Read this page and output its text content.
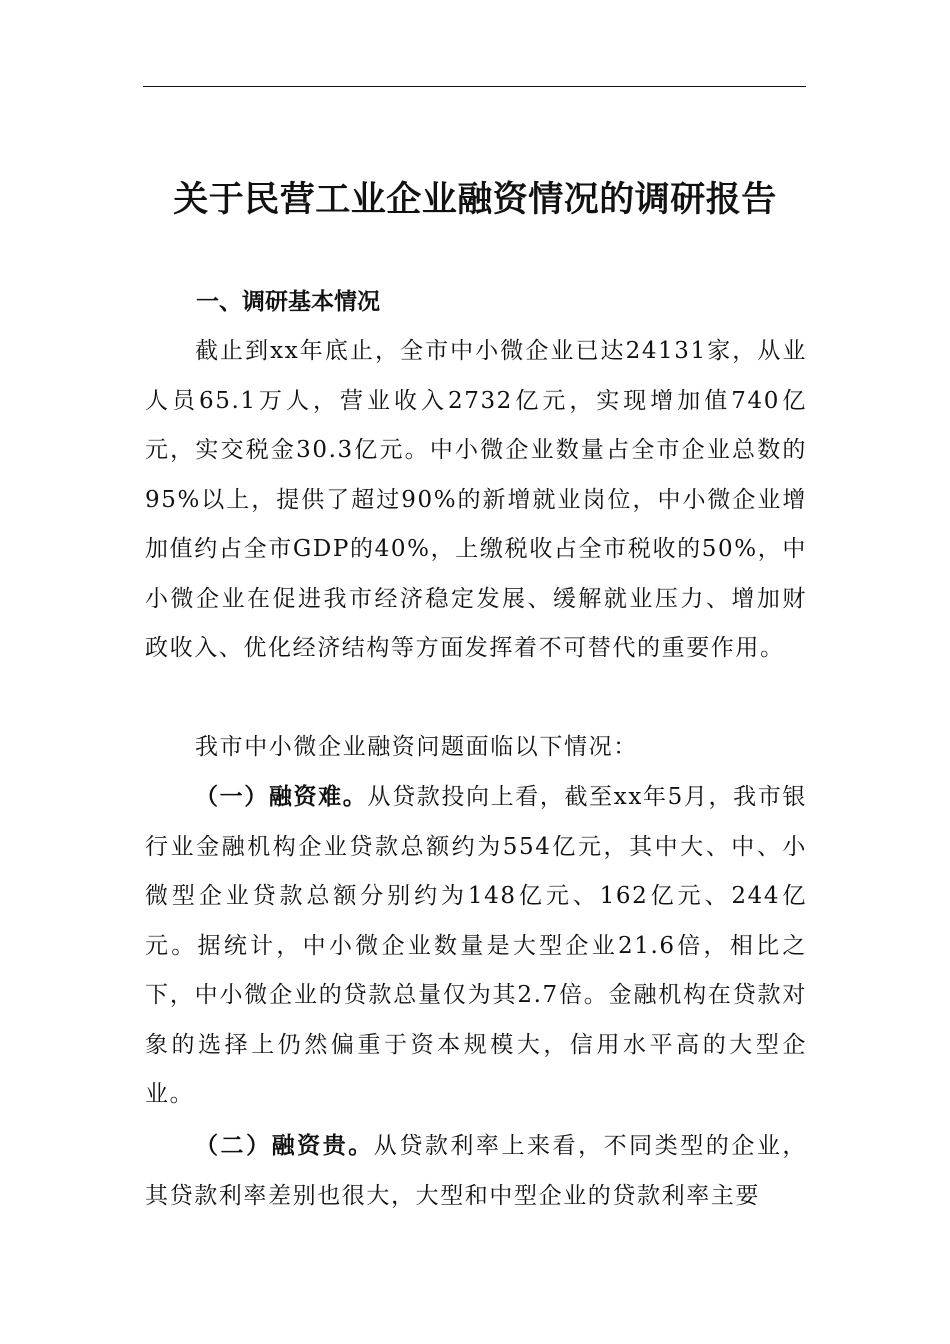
关于民营工业企业融资情况的调研报告
一、调研基本情况

截止到xx年底止，全市中小微企业已达24131家，从业人员65.1万人，营业收入2732亿元，实现增加值740亿元，实交税金30.3亿元。中小微企业数量占全市企业总数的95%以上，提供了超过90%的新增就业岗位，中小微企业增加值约占全市GDP的40%，上缴税收占全市税收的50%，中小微企业在促进我市经济稳定发展、缓解就业压力、增加财政收入、优化经济结构等方面发挥着不可替代的重要作用。

我市中小微企业融资问题面临以下情况：

（一）融资难。从贷款投向上看，截至xx年5月，我市银行业金融机构企业贷款总额约为554亿元，其中大、中、小微型企业贷款总额分别约为148亿元、162亿元、244亿元。据统计，中小微企业数量是大型企业21.6倍，相比之下，中小微企业的贷款总量仅为其2.7倍。金融机构在贷款对象的选择上仍然偏重于资本规模大，信用水平高的大型企业。

（二）融资贵。从贷款利率上来看，不同类型的企业，其贷款利率差别也很大，大型和中型企业的贷款利率主要
